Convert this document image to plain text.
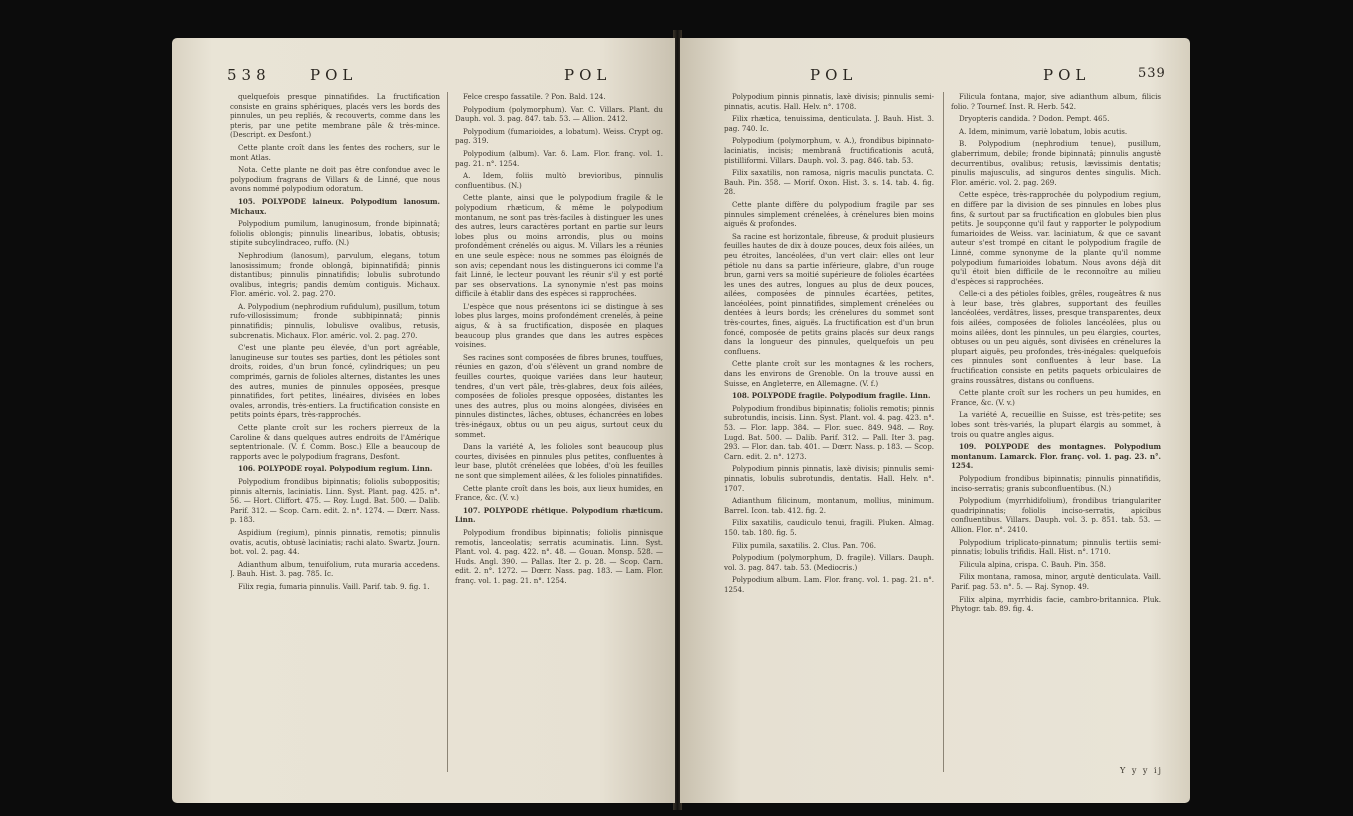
538	POL	POL

quelquefois presque pinnatifides. La fructification consiste en grains sphériques, placés vers les bords des pinnules, un peu repliés, & recouverts, comme dans les pteris, par une petite membrane pâle & très-mince. (Descript. ex Desfont.)

Cette plante croît dans les fentes des rochers, sur le mont Atlas.

Nota. Cette plante ne doit pas être confondue avec le polypodium fragrans de Villars & de Linné, que nous avons nommé polypodium odoratum.

105. POLYPODE laineux. Polypodium lanosum. Michaux.

Polypodium pumilum, lanuginosum, fronde bipinnatâ; foliolis oblongis; pinnulis linearibus, lobatis, obtusis; stipite subcylindraceo, ruffo. (N.)

Nephrodium (lanosum), parvulum, elegans, totum lanosissimum; fronde oblongâ, bipinnatifidâ; pinnis distantibus; pinnulis pinnatifidis; lobulis subrotundo ovalibus, integris; pandis demùm contiguis. Michaux. Flor. améric. vol. 2. pag. 270.

A. Polypodium (nephrodium rufidulum), pusillum, totum rufo-villosissimum; fronde subbipinnatâ; pinnis pinnatifidis; pinnulis, lobulisve ovalibus, retusis, subcrenatis. Michaux. Flor. améric. vol. 2. pag. 270.

C'est une plante peu élevée, d'un port agréable, lanugineuse sur toutes ses parties, dont les pétioles sont droits, roides, d'un brun foncé, cylindriques; un peu comprimés, garnis de folioles alternes, distantes les unes des autres, munies de pinnules opposées, presque pinnatifides, fort petites, linéaires, divisées en lobes ovales, arrondis, très-entiers. La fructification consiste en petits points épars, très-rapprochés.

Cette plante croît sur les rochers pierreux de la Caroline & dans quelques autres endroits de l'Amérique septentrionale. (V. f. Comm. Bosc.) Elle a beaucoup de rapports avec le polypodium fragrans, Desfont.

106. POLYPODE royal. Polypodium regium. Linn.

Polypodium frondibus bipinnatis; foliolis suboppositis; pinnis alternis, laciniatis. Linn. Syst. Plant. pag. 425. n°. 56. — Hort. Cliffort. 475. — Roy. Lugd. Bat. 500. — Dalib. Parif. 312. — Scop. Carn. edit. 2. n°. 1274. — Dœrr. Nass. p. 183.

Aspidium (regium), pinnis pinnatis, remotis; pinnulis ovatis, acutis, obtusè laciniatis; rachi alato. Swartz. Journ. bot. vol. 2. pag. 44.

Adianthum album, tenuifolium, ruta muraria accedens. J. Bauh. Hist. 3. pag. 785. Ic.

Filix regia, fumaria pinnulis. Vaill. Parif. tab. 9. fig. 1.

Felce crespo fassatile. ? Pon. Bald. 124.

Polypodium (polymorphum). Var. C. Villars. Plant. du Dauph. vol. 3. pag. 847. tab. 53. — Allion. 2412.

Polypodium (fumarioides, a lobatum). Weiss. Crypt og. pag. 319.

Polypodium (album). Var. δ. Lam. Flor. franç. vol. 1. pag. 21. n°. 1254.

A. Idem, foliis multò brevioribus, pinnulis confluentibus. (N.)

Cette plante, ainsi que le polypodium fragile & le polypodium rhæticum, & même le polypodium montanum, ne sont pas très-faciles à distinguer les unes des autres, leurs caractères portant en partie sur leurs lobes plus ou moins arrondis, plus ou moins profondément crénelés ou aigus. M. Villars les a réunies en une seule espèce: nous ne sommes pas éloignés de son avis; cependant nous les distinguerons ici comme l'a fait Linné, le lecteur pouvant les réunir s'il y est porté par ses observations. La synonymie n'est pas moins difficile à établir dans des espèces si rapprochées.

L'espèce que nous présentons ici se distingue à ses lobes plus larges, moins profondément crenelés, à peine aigus, & à sa fructification, disposée en plaques beaucoup plus grandes que dans les autres espèces voisines.

Ses racines sont composées de fibres brunes, touffues, réunies en gazon, d'où s'élèvent un grand nombre de feuilles courtes, quoique variées dans leur hauteur, tendres, d'un vert pâle, très-glabres, deux fois ailées, composées de folioles presque opposées, distantes les unes des autres, plus ou moins alongées, divisées en pinnules distinctes, lâches, obtuses, échancrées en lobes très-inégaux, obtus ou un peu aigus, surtout ceux du sommet.

Dans la variété A, les folioles sont beaucoup plus courtes, divisées en pinnules plus petites, confluentes à leur base, plutôt crénelées que lobées, d'où les feuilles ne sont que simplement ailées, & les folioles pinnatifides.

Cette plante croît dans les bois, aux lieux humides, en France, &c. (V. v.)

107. POLYPODE rhétique. Polypodium rhæticum. Linn.

Polypodium frondibus bipinnatis; foliolis pinnisque remotis, lanceolatis; serratis acuminatis. Linn. Syst. Plant. vol. 4. pag. 422. n°. 48. — Gouan. Monsp. 528. — Huds. Angl. 390. — Pallas. Iter 2. p. 28. — Scop. Carn. edit. 2. n°. 1272. — Dœrr. Nass. pag. 183. — Lam. Flor. franç. vol. 1. pag. 21. n°. 1254.

POL	POL	539

Polypodium pinnis pinnatis, laxè divisis; pinnulis semi-pinnatis, acutis. Hall. Helv. n°. 1708.

Filix rhætica, tenuissima, denticulata. J. Bauh. Hist. 3. pag. 740. Ic.

Polypodium (polymorphum, v. A.), frondibus bipinnato-laciniatis, incisis; membranâ fructificationis acutâ, pistilliformi. Villars. Dauph. vol. 3. pag. 846. tab. 53.

Filix saxatilis, non ramosa, nigris maculis punctata. C. Bauh. Pin. 358. — Morif. Oxon. Hist. 3. s. 14. tab. 4. fig. 28.

Cette plante diffère du polypodium fragile par ses pinnules simplement crénelées, à crénelures bien moins aiguës & profondes.

Sa racine est horizontale, fibreuse, & produit plusieurs feuilles hautes de dix à douze pouces, deux fois ailées, un peu étroites, lancéolées, d'un vert clair: elles ont leur pétiole nu dans sa partie inférieure, glabre, d'un rouge brun, garni vers sa moitié supérieure de folioles écartées les unes des autres, longues au plus de deux pouces, ailées, composées de pinnules écartées, petites, lancéolées, point pinnatifides, simplement crénelées ou dentées à leurs bords; les crénelures du sommet sont très-courtes, fines, aiguës. La fructification est d'un brun foncé, composée de petits grains placés sur deux rangs dans la longueur des pinnules, quelquefois un peu confluens.

Cette plante croît sur les montagnes & les rochers, dans les environs de Grenoble. On la trouve aussi en Suisse, en Angleterre, en Allemagne. (V. f.)

108. POLYPODE fragile. Polypodium fragile. Linn.

Polypodium frondibus bipinnatis; foliolis remotis; pinnis subrotundis, incisis. Linn. Syst. Plant. vol. 4. pag. 423. n°. 53. — Flor. lapp. 384. — Flor. suec. 849. 948. — Roy. Lugd. Bat. 500. — Dalib. Parif. 312. — Pall. Iter 3. pag. 293. — Flor. dan. tab. 401. — Dœrr. Nass. p. 183. — Scop. Carn. edit. 2. n°. 1273.

Polypodium pinnis pinnatis, laxè divisis; pinnulis semi-pinnatis, lobulis subrotundis, dentatis. Hall. Helv. n°. 1707.

Adianthum filicinum, montanum, mollius, minimum. Barrel. Icon. tab. 412. fig. 2.

Filix saxatilis, caudiculo tenui, fragili. Pluken. Almag. 150. tab. 180. fig. 5.

Filix pumila, saxatilis. 2. Clus. Pan. 706.

Polypodium (polymorphum, D. fragile). Villars. Dauph. vol. 3. pag. 847. tab. 53. (Mediocris.)

Polypodium album. Lam. Flor. franç. vol. 1. pag. 21. n°. 1254.

Filicula fontana, major, sive adianthum album, filicis folio. ? Tournef. Inst. R. Herb. 542.

Dryopteris candida. ? Dodon. Pempt. 465.

A. Idem, minimum, variè lobatum, lobis acutis.

B. Polypodium (nephrodium tenue), pusillum, glaberrimum, debile; fronde bipinnatâ; pinnulis angustè decurrentibus, ovalibus; retusis, lævissimis dentatis; pinulis majusculis, ad singuros dentes singulis. Mich. Flor. améric. vol. 2. pag. 269.

Cette espèce, très-rapprochée du polypodium regium, en diffère par la division de ses pinnules en lobes plus fins, & surtout par sa fructification en globules bien plus petits. Je soupçonne qu'il faut y rapporter le polypodium fumarioides de Weiss. var. laciniatum, & que ce savant auteur s'est trompé en citant le polypodium fragile de Linné, comme synonyme de la plante qu'il nomme polypodium fumarioides lobatum. Nous avons déjà dit qu'il étoit bien difficile de le reconnoître au milieu d'espèces si rapprochées.

Celle-ci a des pétioles foibles, grêles, rougeâtres & nus à leur base, très glabres, supportant des feuilles lancéolées, verdâtres, lisses, presque transparentes, deux fois ailées, composées de folioles lancéolées, plus ou moins ailées, dont les pinnules, un peu élargies, courtes, obtuses ou un peu aiguës, sont divisées en crénelures la plupart aiguës, peu profondes, très-inégales: quelquefois ces pinnules sont confluentes à leur base. La fructification consiste en petits paquets orbiculaires de grains roussâtres, distans ou confluens.

Cette plante croît sur les rochers un peu humides, en France, &c. (V. v.)

La variété A, recueillie en Suisse, est très-petite; ses lobes sont très-variés, la plupart élargis au sommet, à trois ou quatre angles aigus.

109. POLYPODE des montagnes. Polypodium montanum. Lamarck. Flor. franç. vol. 1. pag. 23. n°. 1254.

Polypodium frondibus bipinnatis; pinnulis pinnatifidis, inciso-serratis; granis subconfluentibus. (N.)

Polypodium (myrrhidifolium), frondibus triangulariter quadripinnatis; foliolis inciso-serratis, apicibus confluentibus. Villars. Dauph. vol. 3. p. 851. tab. 53. — Allion. Flor. n°. 2410.

Polypodium triplicato-pinnatum; pinnulis tertiis semi-pinnatis; lobulis trifidis. Hall. Hist. n°. 1710.

Filicula alpina, crispa. C. Bauh. Pin. 358.

Filix montana, ramosa, minor, argutè denticulata. Vaill. Parif. pag. 53. n°. 5. — Raj. Synop. 49.

Filix alpina, myrrhidis facie, cambro-britannica. Pluk. Phytogr. tab. 89. fig. 4.

Y y y ij
